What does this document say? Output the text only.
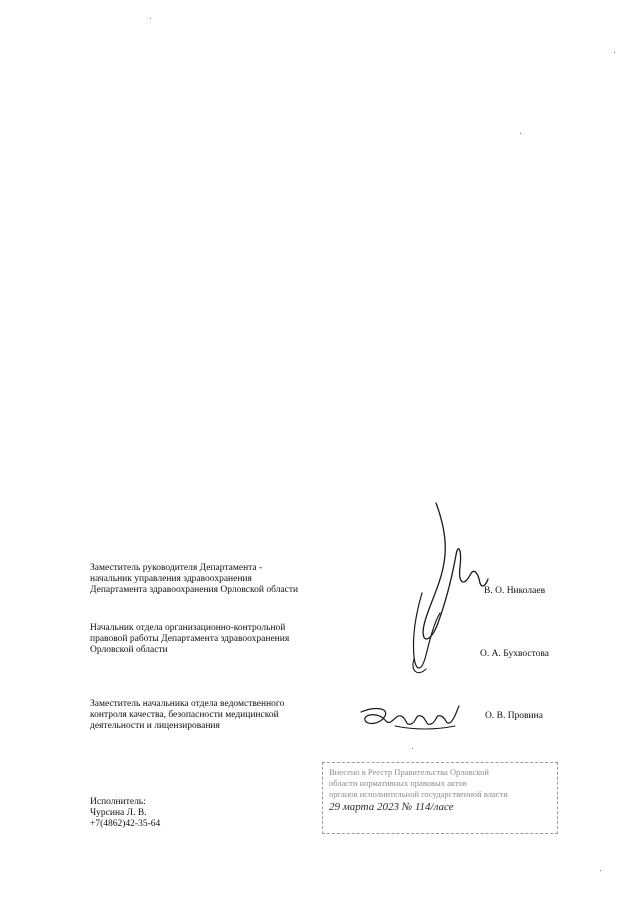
Заместитель руководителя Департамента -
начальник управления здравоохранения
Департамента здравоохранения Орловской области	В. О. Николаев
Начальник отдела организационно-контрольной
правовой работы Департамента здравоохранения
Орловской области	О. А. Бухвостова
Заместитель начальника отдела ведомственного
контроля качества, безопасности медицинской
деятельности и лицензирования
О. В. Провина
Исполнитель:
Чурсина Л. В.
+7(4862)42-35-64
Внесено в Реестр Правительства Орловской
области нормативных правовых актов
органов исполнительной государственной власти
29 марта 2023 № 114/ласе
